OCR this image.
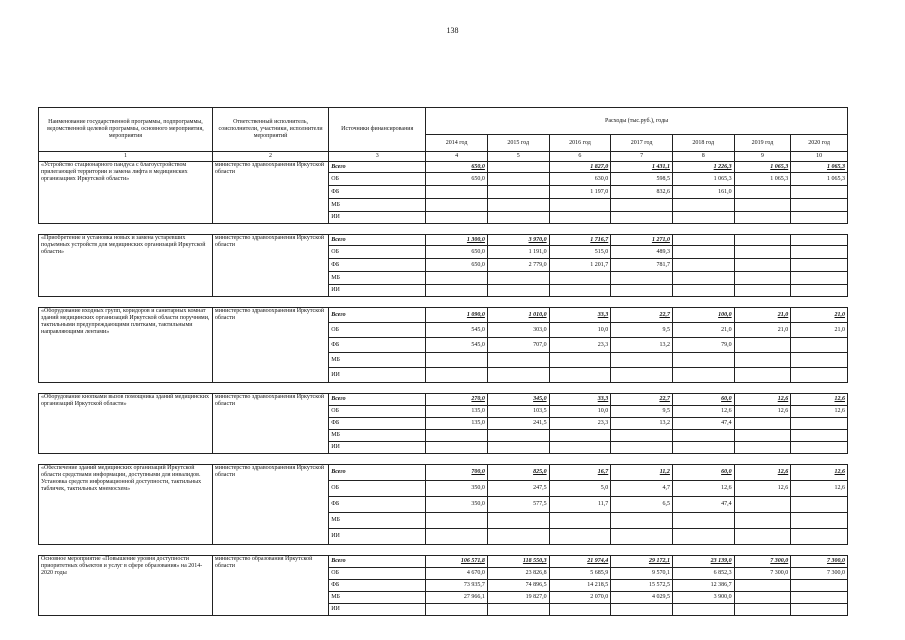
138
Наименование государственной программы, подпрограммы, ведомственной целевой программы, основного мероприятия, мероприятия	Ответственный исполнитель, соисполнители, участники, исполнители мероприятий	Источники финансирования	Расходы (тыс.руб.), годы						
			2014 год	2015 год	2016 год	2017 год	2018 год	2019 год	2020 год
1	2	3	4	5	6	7	8	9	10
«Устройство стационарного пандуса с благоустройством прилегающей территории и замена лифта в медицинских организациях Иркутской области»	министерство здравоохранения Иркутской области	Всего	650,0		1 827,0	1 431,1	1 226,3	1 065,3	1 065,3
		ОБ	650,0		630,0	598,5	1 065,3	1 065,3	1 065,3
		ФБ			1 197,0	832,6	161,0		
		МБ							
		ИИ							

«Приобретение и установка новых и замена устаревших подъемных устройств для медицинских организаций Иркутской области»	министерство здравоохранения Иркутской области	Всего	1 300,0	3 970,0	1 716,7	1 271,0			
		ОБ	650,0	1 191,0	515,0	489,3			
		ФБ	650,0	2 779,0	1 201,7	781,7			
		МБ							
		ИИ							

«Оборудование входных групп, коридоров и санитарных комнат зданий медицинских организаций Иркутской области поручнями, тактильными предупреждающими плитками, тактильными направляющими лентами»	министерство здравоохранения Иркутской области	Всего	1 090,0	1 010,0	33,3	22,7	100,0	21,0	21,0
		ОБ	545,0	303,0	10,0	9,5	21,0	21,0	21,0
		ФБ	545,0	707,0	23,3	13,2	79,0		
		МБ							
		ИИ							

«Оборудование кнопками вызов помощника зданий медицинских организаций Иркутской области»	министерство здравоохранения Иркутской области	Всего	270,0	345,0	33,3	22,7	60,0	12,6	12,6
		ОБ	135,0	103,5	10,0	9,5	12,6	12,6	12,6
		ФБ	135,0	241,5	23,3	13,2	47,4		
		МБ							
		ИИ							

«Обеспечение зданий медицинских организаций Иркутской области средствами информации, доступными для инвалидов. Установка средств информационной доступности, тактильных табличек, тактильных мнемосхем»	министерство здравоохранения Иркутской области	Всего	700,0	825,0	16,7	11,2	60,0	12,6	12,6
		ОБ	350,0	247,5	5,0	4,7	12,6	12,6	12,6
		ФБ	350,0	577,5	11,7	6,5	47,4		
		МБ							
		ИИ							

Основное мероприятие «Повышение уровня доступности приоритетных объектов и услуг в сфере образования» на 2014-2020 годы	министерство образования Иркутской области	Всего	106 571,8	118 550,3	21 974,4	29 172,1	23 139,0	7 300,0	7 300,0
		ОБ	4 670,0	23 826,8	5 685,9	9 570,1	6 852,3	7 300,0	7 300,0
		ФБ	73 935,7	74 896,5	14 218,5	15 572,5	12 386,7		
		МБ	27 966,1	19 827,0	2 070,0	4 029,5	3 900,0		
		ИИ							
